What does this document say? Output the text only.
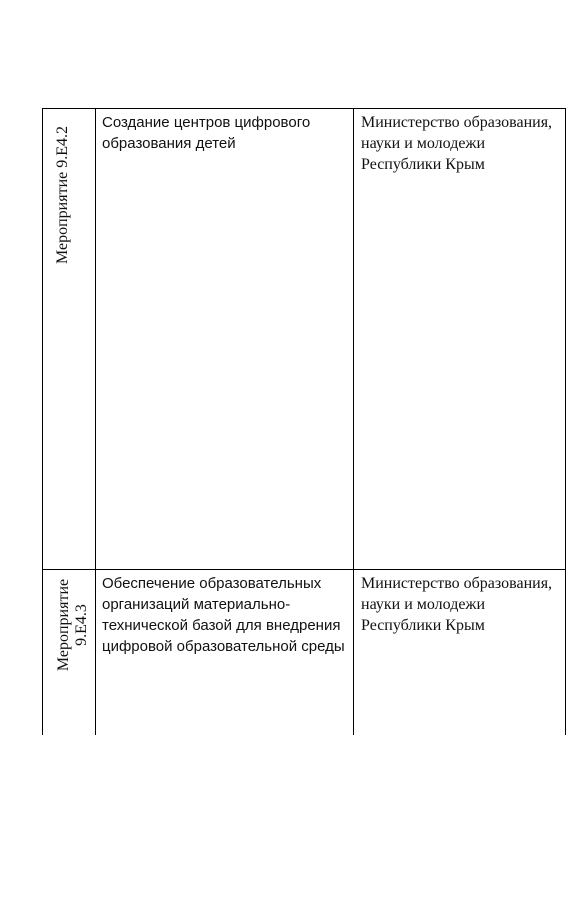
Мероприятие 9.Е4.2
Создание центров цифрового образования детей
Министерство образования, науки и молодежи Республики Крым
Мероприятие 9.Е4.3
Обеспечение образовательных организаций материально-технической базой для внедрения цифровой образовательной среды
Министерство образования, науки и молодежи Республики Крым
